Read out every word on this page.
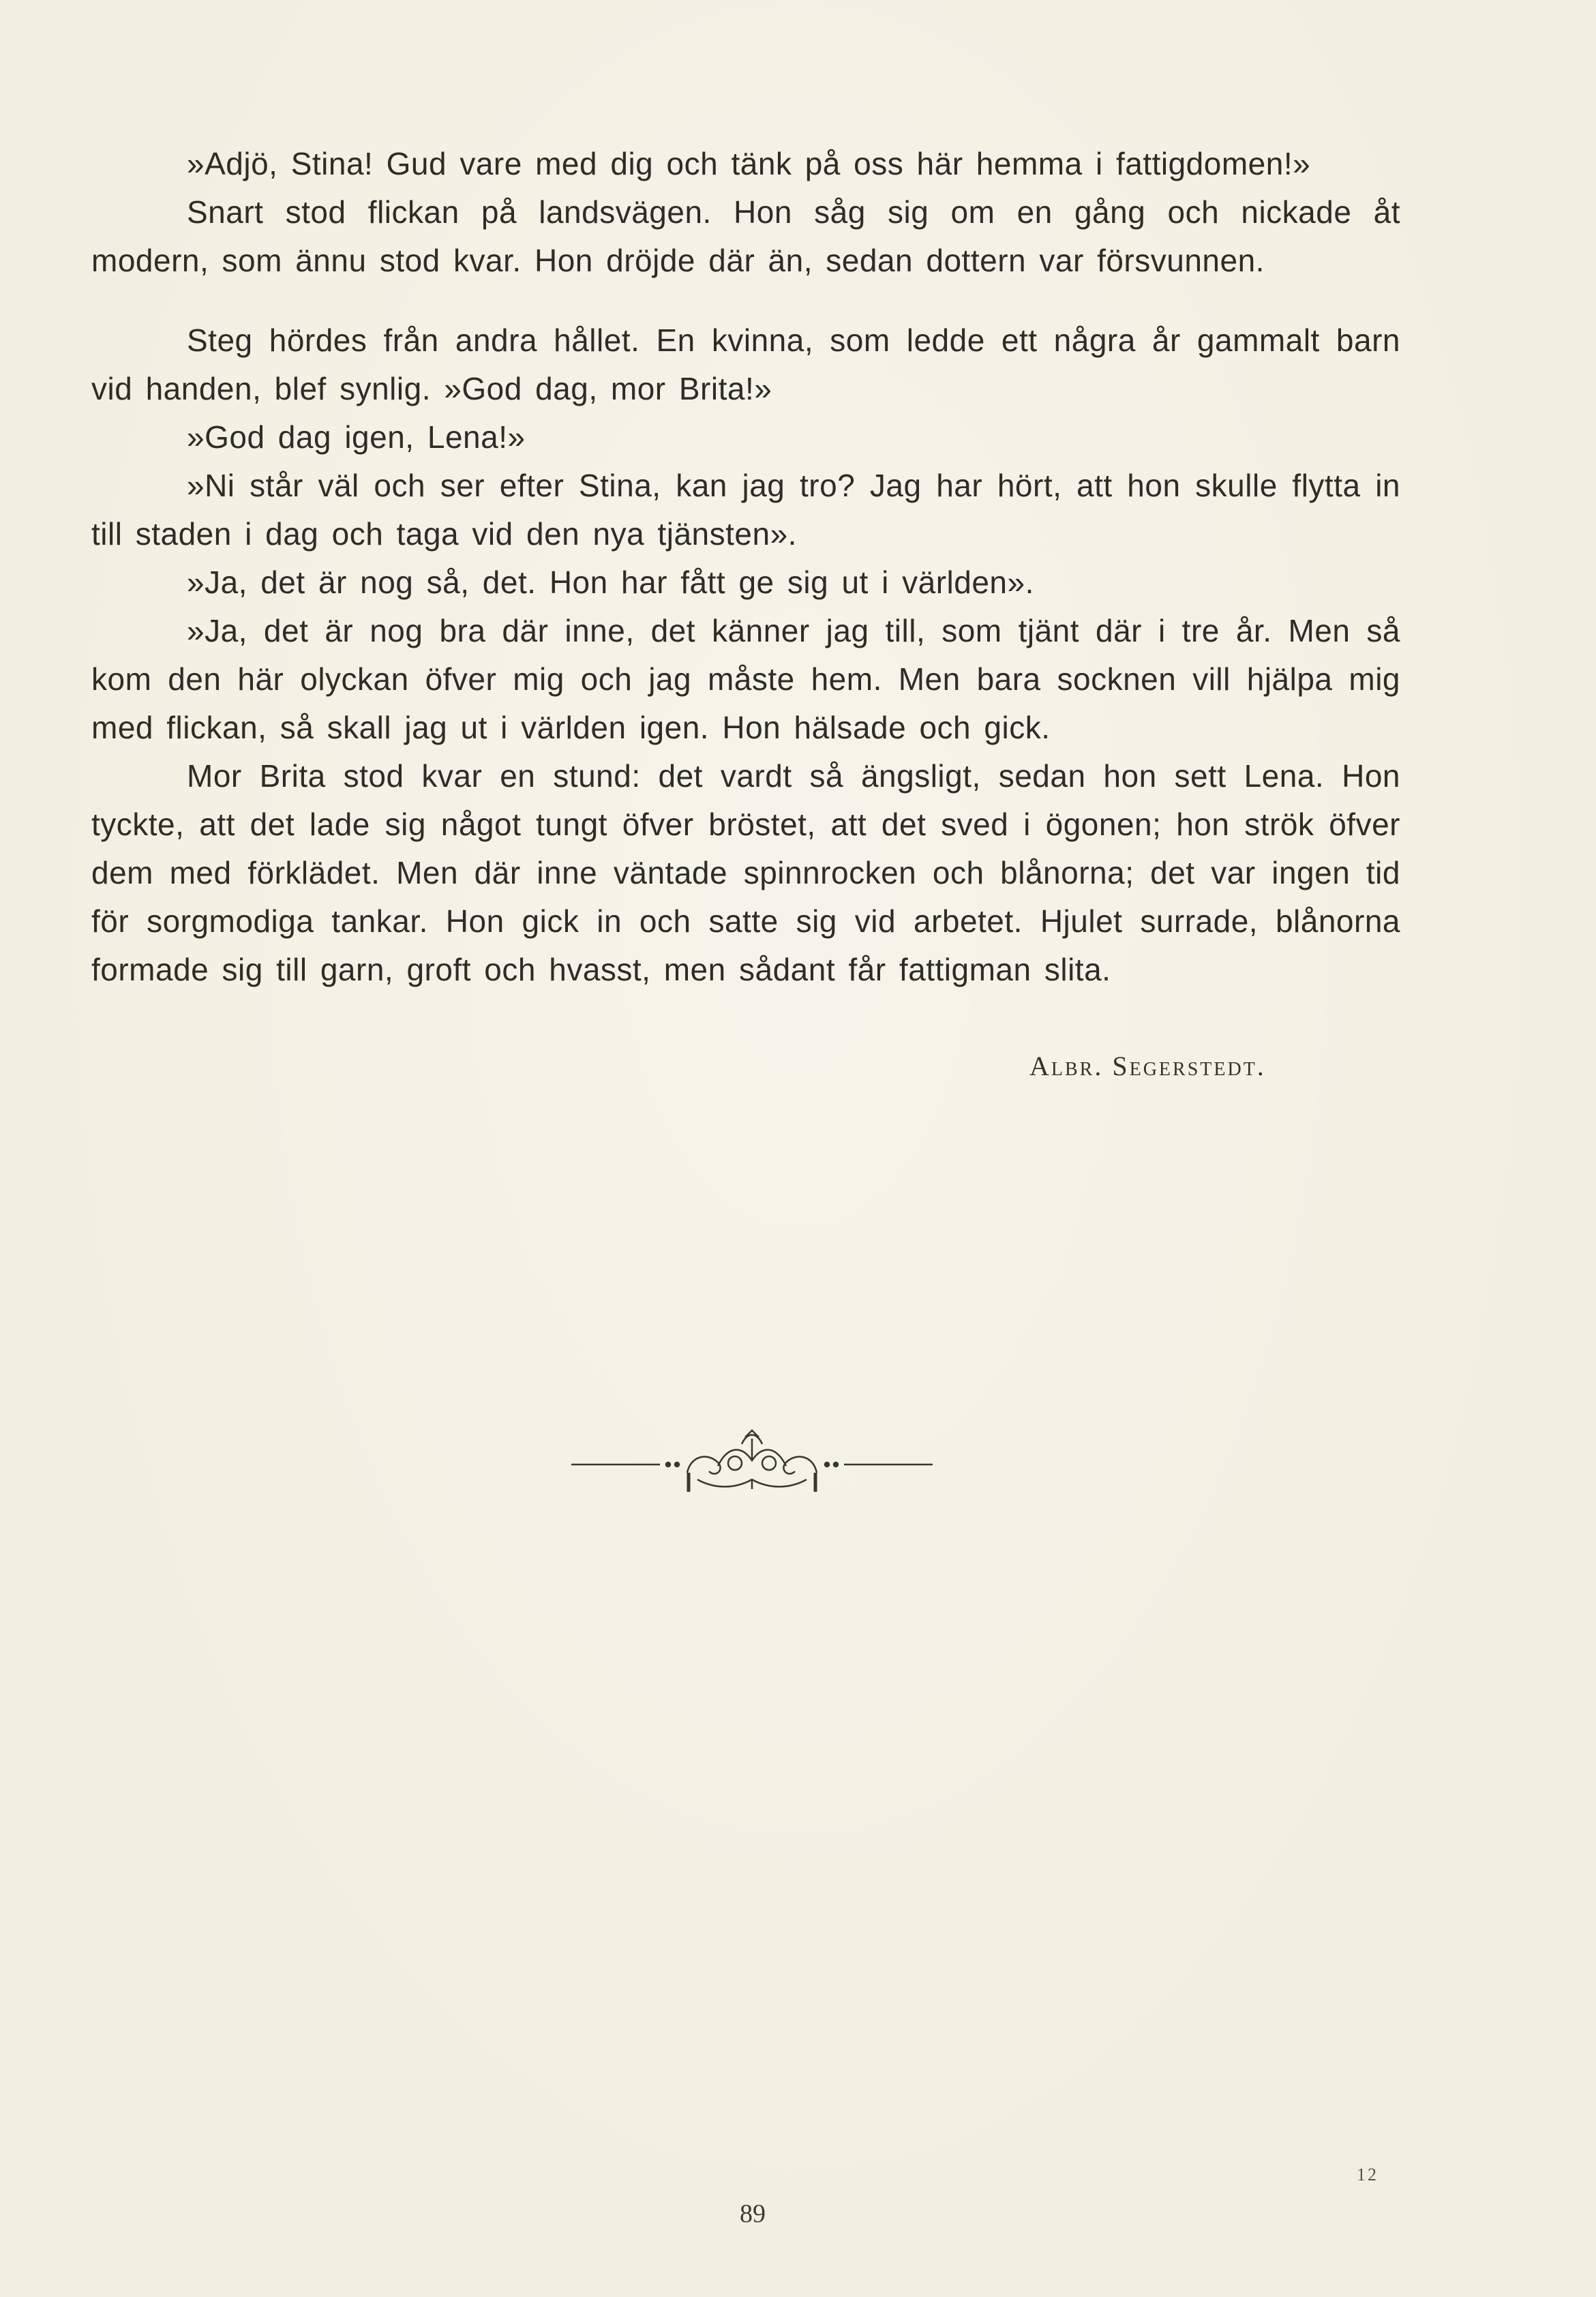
»Adjö, Stina! Gud vare med dig och tänk på oss här hemma i fattigdomen!»

Snart stod flickan på landsvägen. Hon såg sig om en gång och nickade åt modern, som ännu stod kvar. Hon dröjde där än, sedan dottern var försvunnen.

Steg hördes från andra hållet. En kvinna, som ledde ett några år gammalt barn vid handen, blef synlig. »God dag, mor Brita!»

»God dag igen, Lena!»

»Ni står väl och ser efter Stina, kan jag tro? Jag har hört, att hon skulle flytta in till staden i dag och taga vid den nya tjänsten».

»Ja, det är nog så, det. Hon har fått ge sig ut i världen».

»Ja, det är nog bra där inne, det känner jag till, som tjänt där i tre år. Men så kom den här olyckan öfver mig och jag måste hem. Men bara socknen vill hjälpa mig med flickan, så skall jag ut i världen igen. Hon hälsade och gick.

Mor Brita stod kvar en stund: det vardt så ängsligt, sedan hon sett Lena. Hon tyckte, att det lade sig något tungt öfver bröstet, att det sved i ögonen; hon strök öfver dem med förklädet. Men där inne väntade spinnrocken och blånorna; det var ingen tid för sorgmodiga tankar. Hon gick in och satte sig vid arbetet. Hjulet surrade, blånorna formade sig till garn, groft och hvasst, men sådant får fattigman slita.

Albr. Segerstedt.
89
12
